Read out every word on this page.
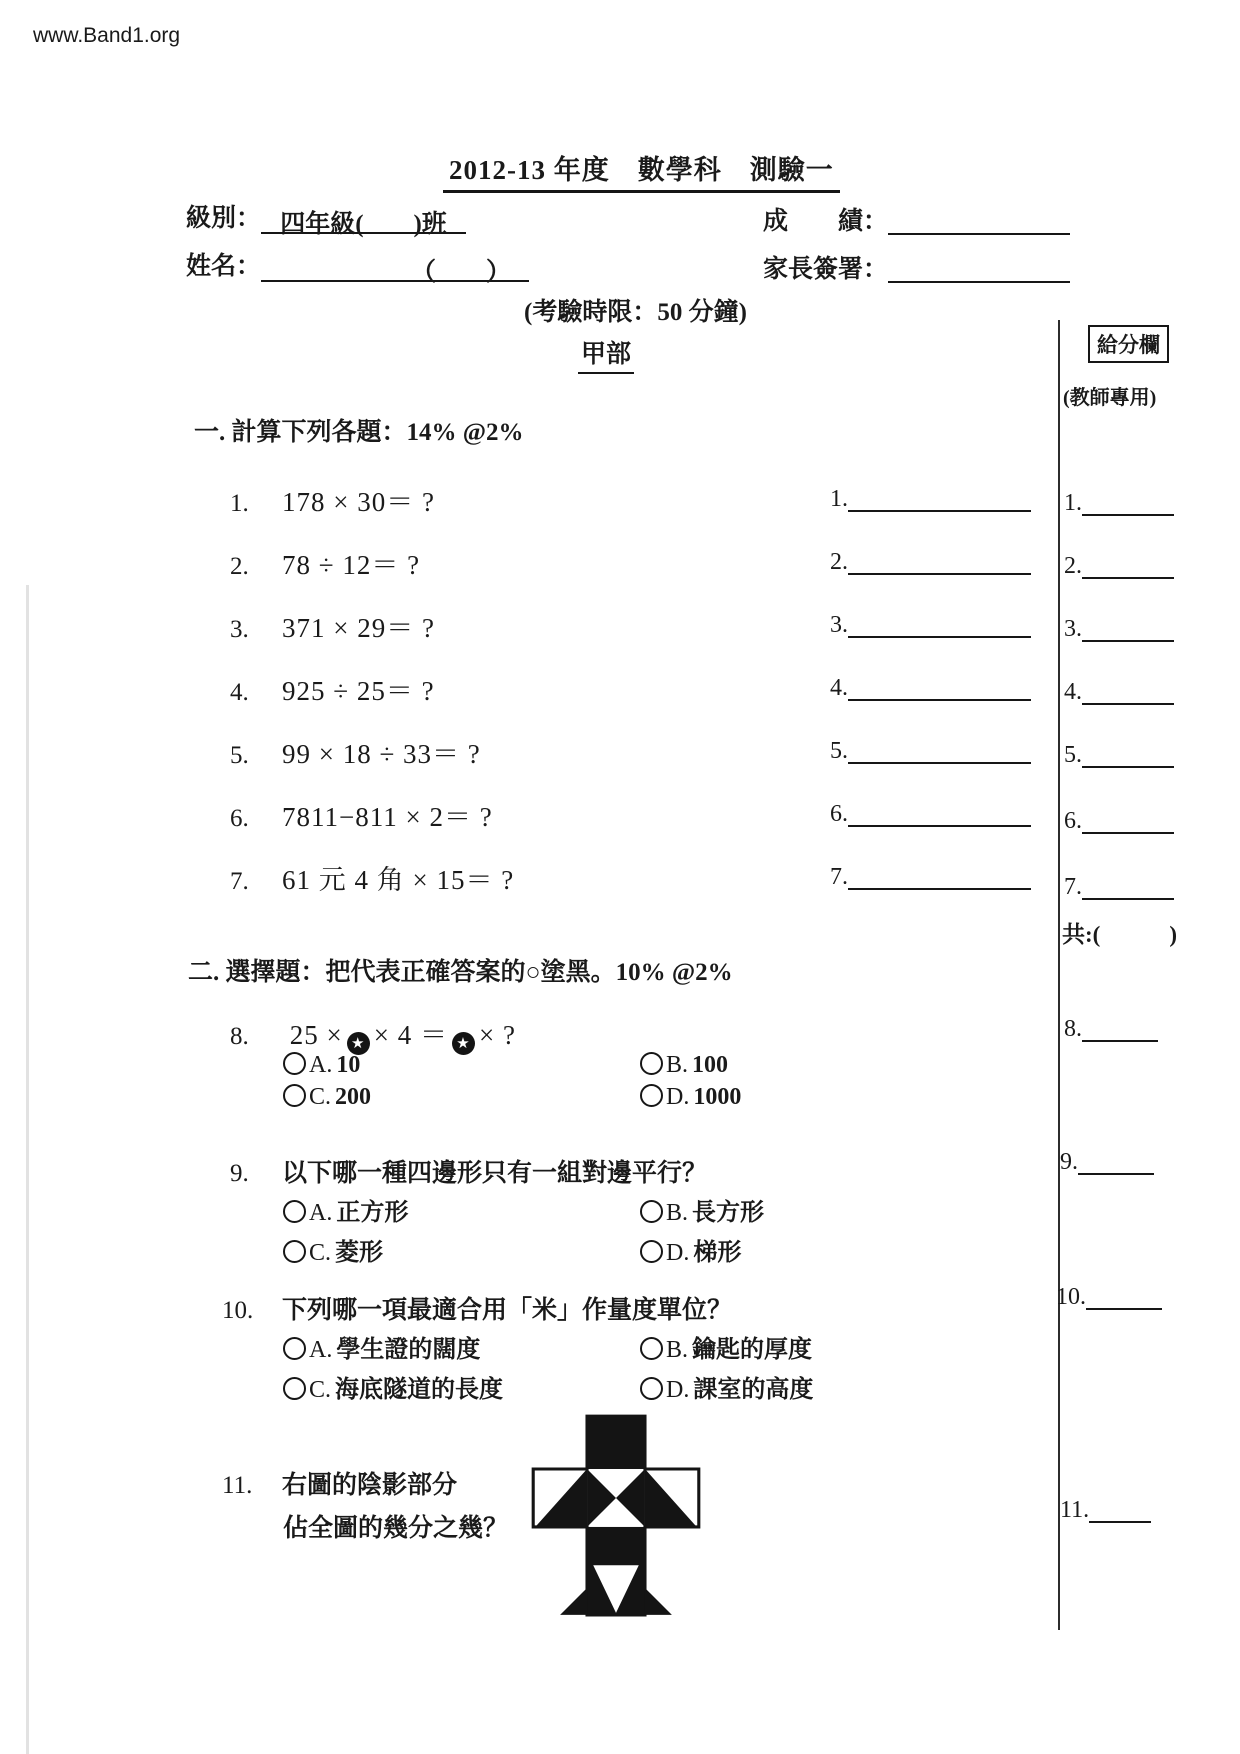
www.Band1.org
2012-13 年度　數學科　測驗一
級別： 四年級(　　)班	成　　績：
姓名：	（　　）	家長簽署：
(考驗時限：50 分鐘)
甲部	給分欄
(教師專用)
一. 計算下列各題：14% @2%
1. 178 × 30＝ ?
2. 78 ÷ 12＝ ?
3. 371 × 29＝ ?
4. 925 ÷ 25＝ ?
5. 99 × 18 ÷ 33＝ ?
6. 7811−811 × 2＝ ?
7. 61 元 4 角 × 15＝ ?
1.
2.
3.
4.
5.
6.
7.
1.
2.
3.
4.
5.
6.
7.
共:(　　　)
二. 選擇題：把代表正確答案的○塗黑。10% @2%
8. 25 × ★ × 4 ＝ ★ × ?
A. 10	B. 100
C. 200	D. 1000
8.
9. 以下哪一種四邊形只有一組對邊平行？
A. 正方形	B. 長方形
C. 菱形	D. 梯形
9.
10. 下列哪一項最適合用「米」作量度單位？
A. 學生證的闊度	B. 鑰匙的厚度
C. 海底隧道的長度	D. 課室的高度
10.
11. 右圖的陰影部分
佔全圖的幾分之幾？
11.
